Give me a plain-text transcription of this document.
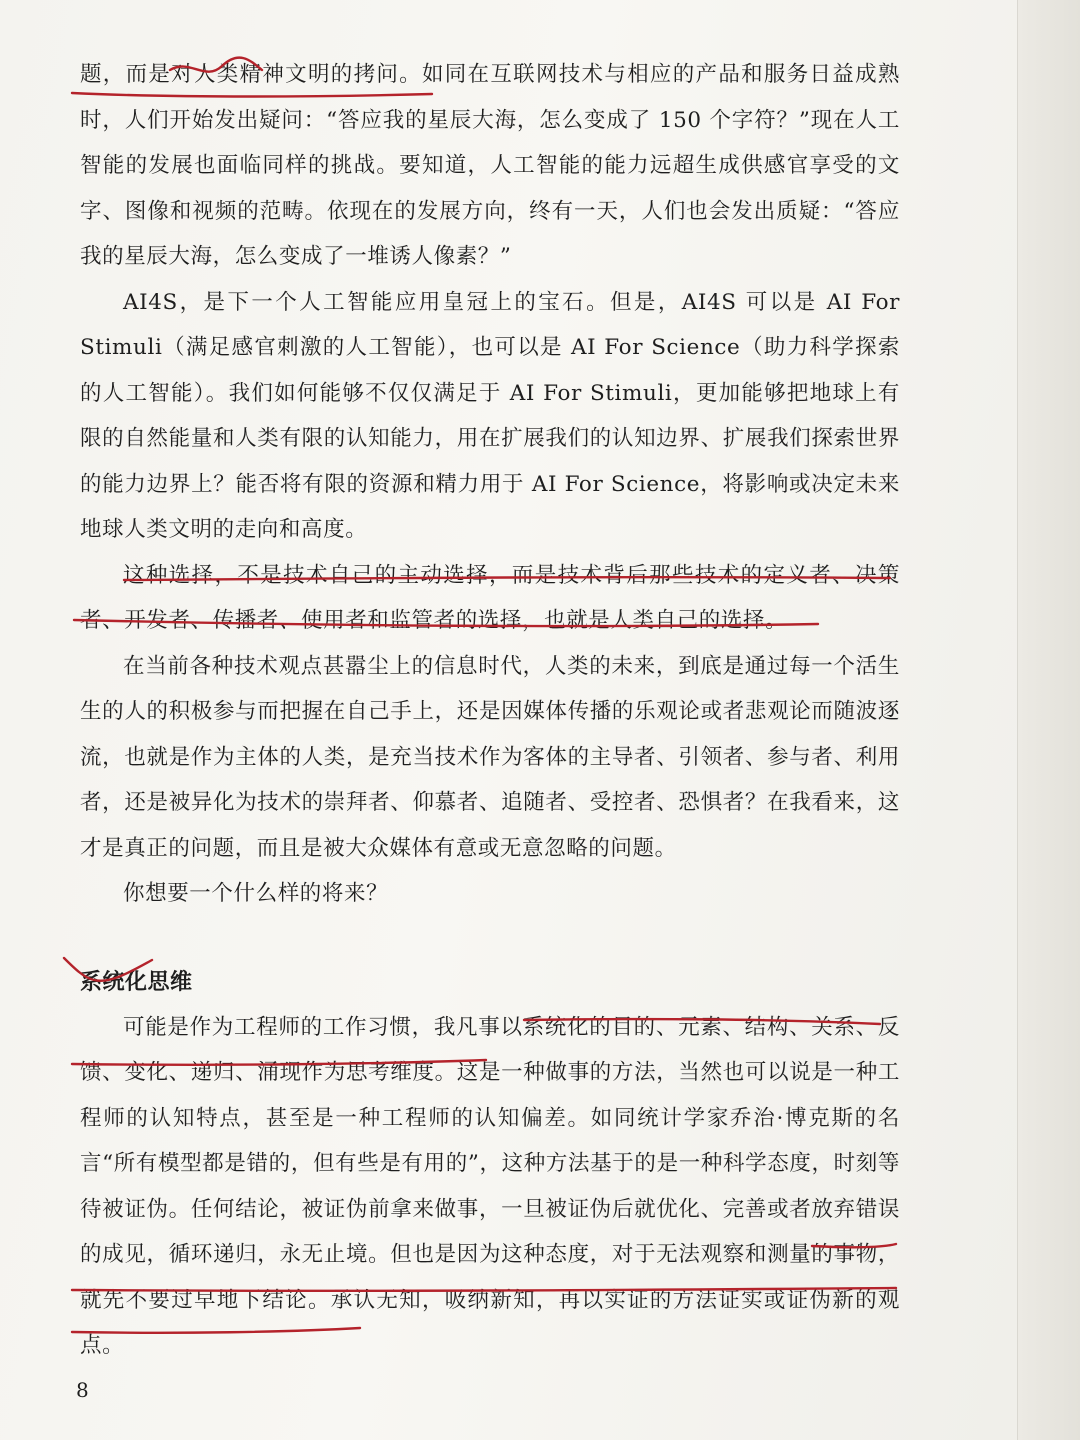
题，而是对人类精神文明的拷问。如同在互联网技术与相应的产品和服务日益成熟时，人们开始发出疑问：“答应我的星辰大海，怎么变成了 150 个字符？”现在人工智能的发展也面临同样的挑战。要知道，人工智能的能力远超生成供感官享受的文字、图像和视频的范畴。依现在的发展方向，终有一天，人们也会发出质疑：“答应我的星辰大海，怎么变成了一堆诱人像素？”

AI4S，是下一个人工智能应用皇冠上的宝石。但是，AI4S 可以是 AI For Stimuli（满足感官刺激的人工智能），也可以是 AI For Science（助力科学探索的人工智能）。我们如何能够不仅仅满足于 AI For Stimuli，更加能够把地球上有限的自然能量和人类有限的认知能力，用在扩展我们的认知边界、扩展我们探索世界的能力边界上？能否将有限的资源和精力用于 AI For Science，将影响或决定未来地球人类文明的走向和高度。

这种选择，不是技术自己的主动选择，而是技术背后那些技术的定义者、决策者、开发者、传播者、使用者和监管者的选择，也就是人类自己的选择。

在当前各种技术观点甚嚣尘上的信息时代，人类的未来，到底是通过每一个活生生的人的积极参与而把握在自己手上，还是因媒体传播的乐观论或者悲观论而随波逐流，也就是作为主体的人类，是充当技术作为客体的主导者、引领者、参与者、利用者，还是被异化为技术的崇拜者、仰慕者、追随者、受控者、恐惧者？在我看来，这才是真正的问题，而且是被大众媒体有意或无意忽略的问题。

你想要一个什么样的将来？

系统化思维

可能是作为工程师的工作习惯，我凡事以系统化的目的、元素、结构、关系、反馈、变化、递归、涌现作为思考维度。这是一种做事的方法，当然也可以说是一种工程师的认知特点，甚至是一种工程师的认知偏差。如同统计学家乔治·博克斯的名言“所有模型都是错的，但有些是有用的”，这种方法基于的是一种科学态度，时刻等待被证伪。任何结论，被证伪前拿来做事，一旦被证伪后就优化、完善或者放弃错误的成见，循环递归，永无止境。但也是因为这种态度，对于无法观察和测量的事物，就先不要过早地下结论。承认无知，吸纳新知，再以实证的方法证实或证伪新的观点。

8
